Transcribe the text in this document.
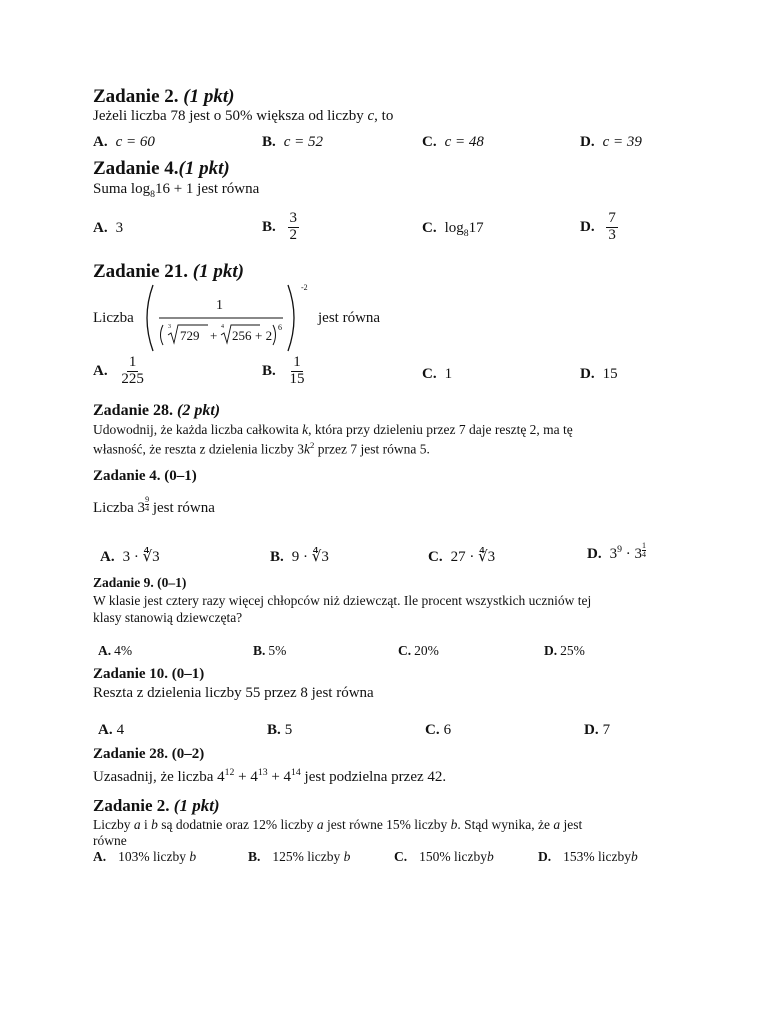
Zadanie 2. (1 pkt)
Jeżeli liczba 78 jest o 50% większa od liczby c, to
A. c = 60	B. c = 52	C. c = 48	D. c = 39
Zadanie 4.(1 pkt)
Suma $\log_816 + 1$ jest równa
A. 3	B. $\frac{3}{2}$	C. $\log_817$	D. $\frac{7}{3}$
Zadanie 21. (1 pkt)
Liczba
1
3
729 +
4
256 + 2
6
-2
jest równa
A. $\frac{1}{225}$	B. $\frac{1}{15}$	C. 1	D. 15
Zadanie 28. (2 pkt)
Udowodnij, że każda liczba całkowita k, która przy dzieleniu przez 7 daje resztę 2, ma tę
własność, że reszta z dzielenia liczby $3k^2$ przez 7 jest równa 5.
Zadanie 4. (0–1)
Liczba $3 \frac{9}{4}$ jest równa
A. 3 · ∜3	B. 9 · ∜3	C. 27 · ∜3	D. $3^9 \cdot 3 \frac{1}{4}$
Zadanie 9. (0–1)
W klasie jest cztery razy więcej chłopców niż dziewcząt. Ile procent wszystkich uczniów tej
klasy stanowią dziewczęta?
A. 4%	B. 5%	C. 20%	D. 25%
Zadanie 10. (0–1)
Reszta z dzielenia liczby 55 przez 8 jest równa
A. 4	B. 5	C. 6	D. 7
Zadanie 28. (0–2)
Uzasadnij, że liczba $4^{12} + 4^{13} + 4^{14}$ jest podzielna przez 42.
Zadanie 2. (1 pkt)
Liczby a i b są dodatnie oraz 12% liczby a jest równe 15% liczby b. Stąd wynika, że a jest
równe
A. 103% liczby b	B. 125% liczby b	C. 150% liczbyb	D. 153% liczbyb
